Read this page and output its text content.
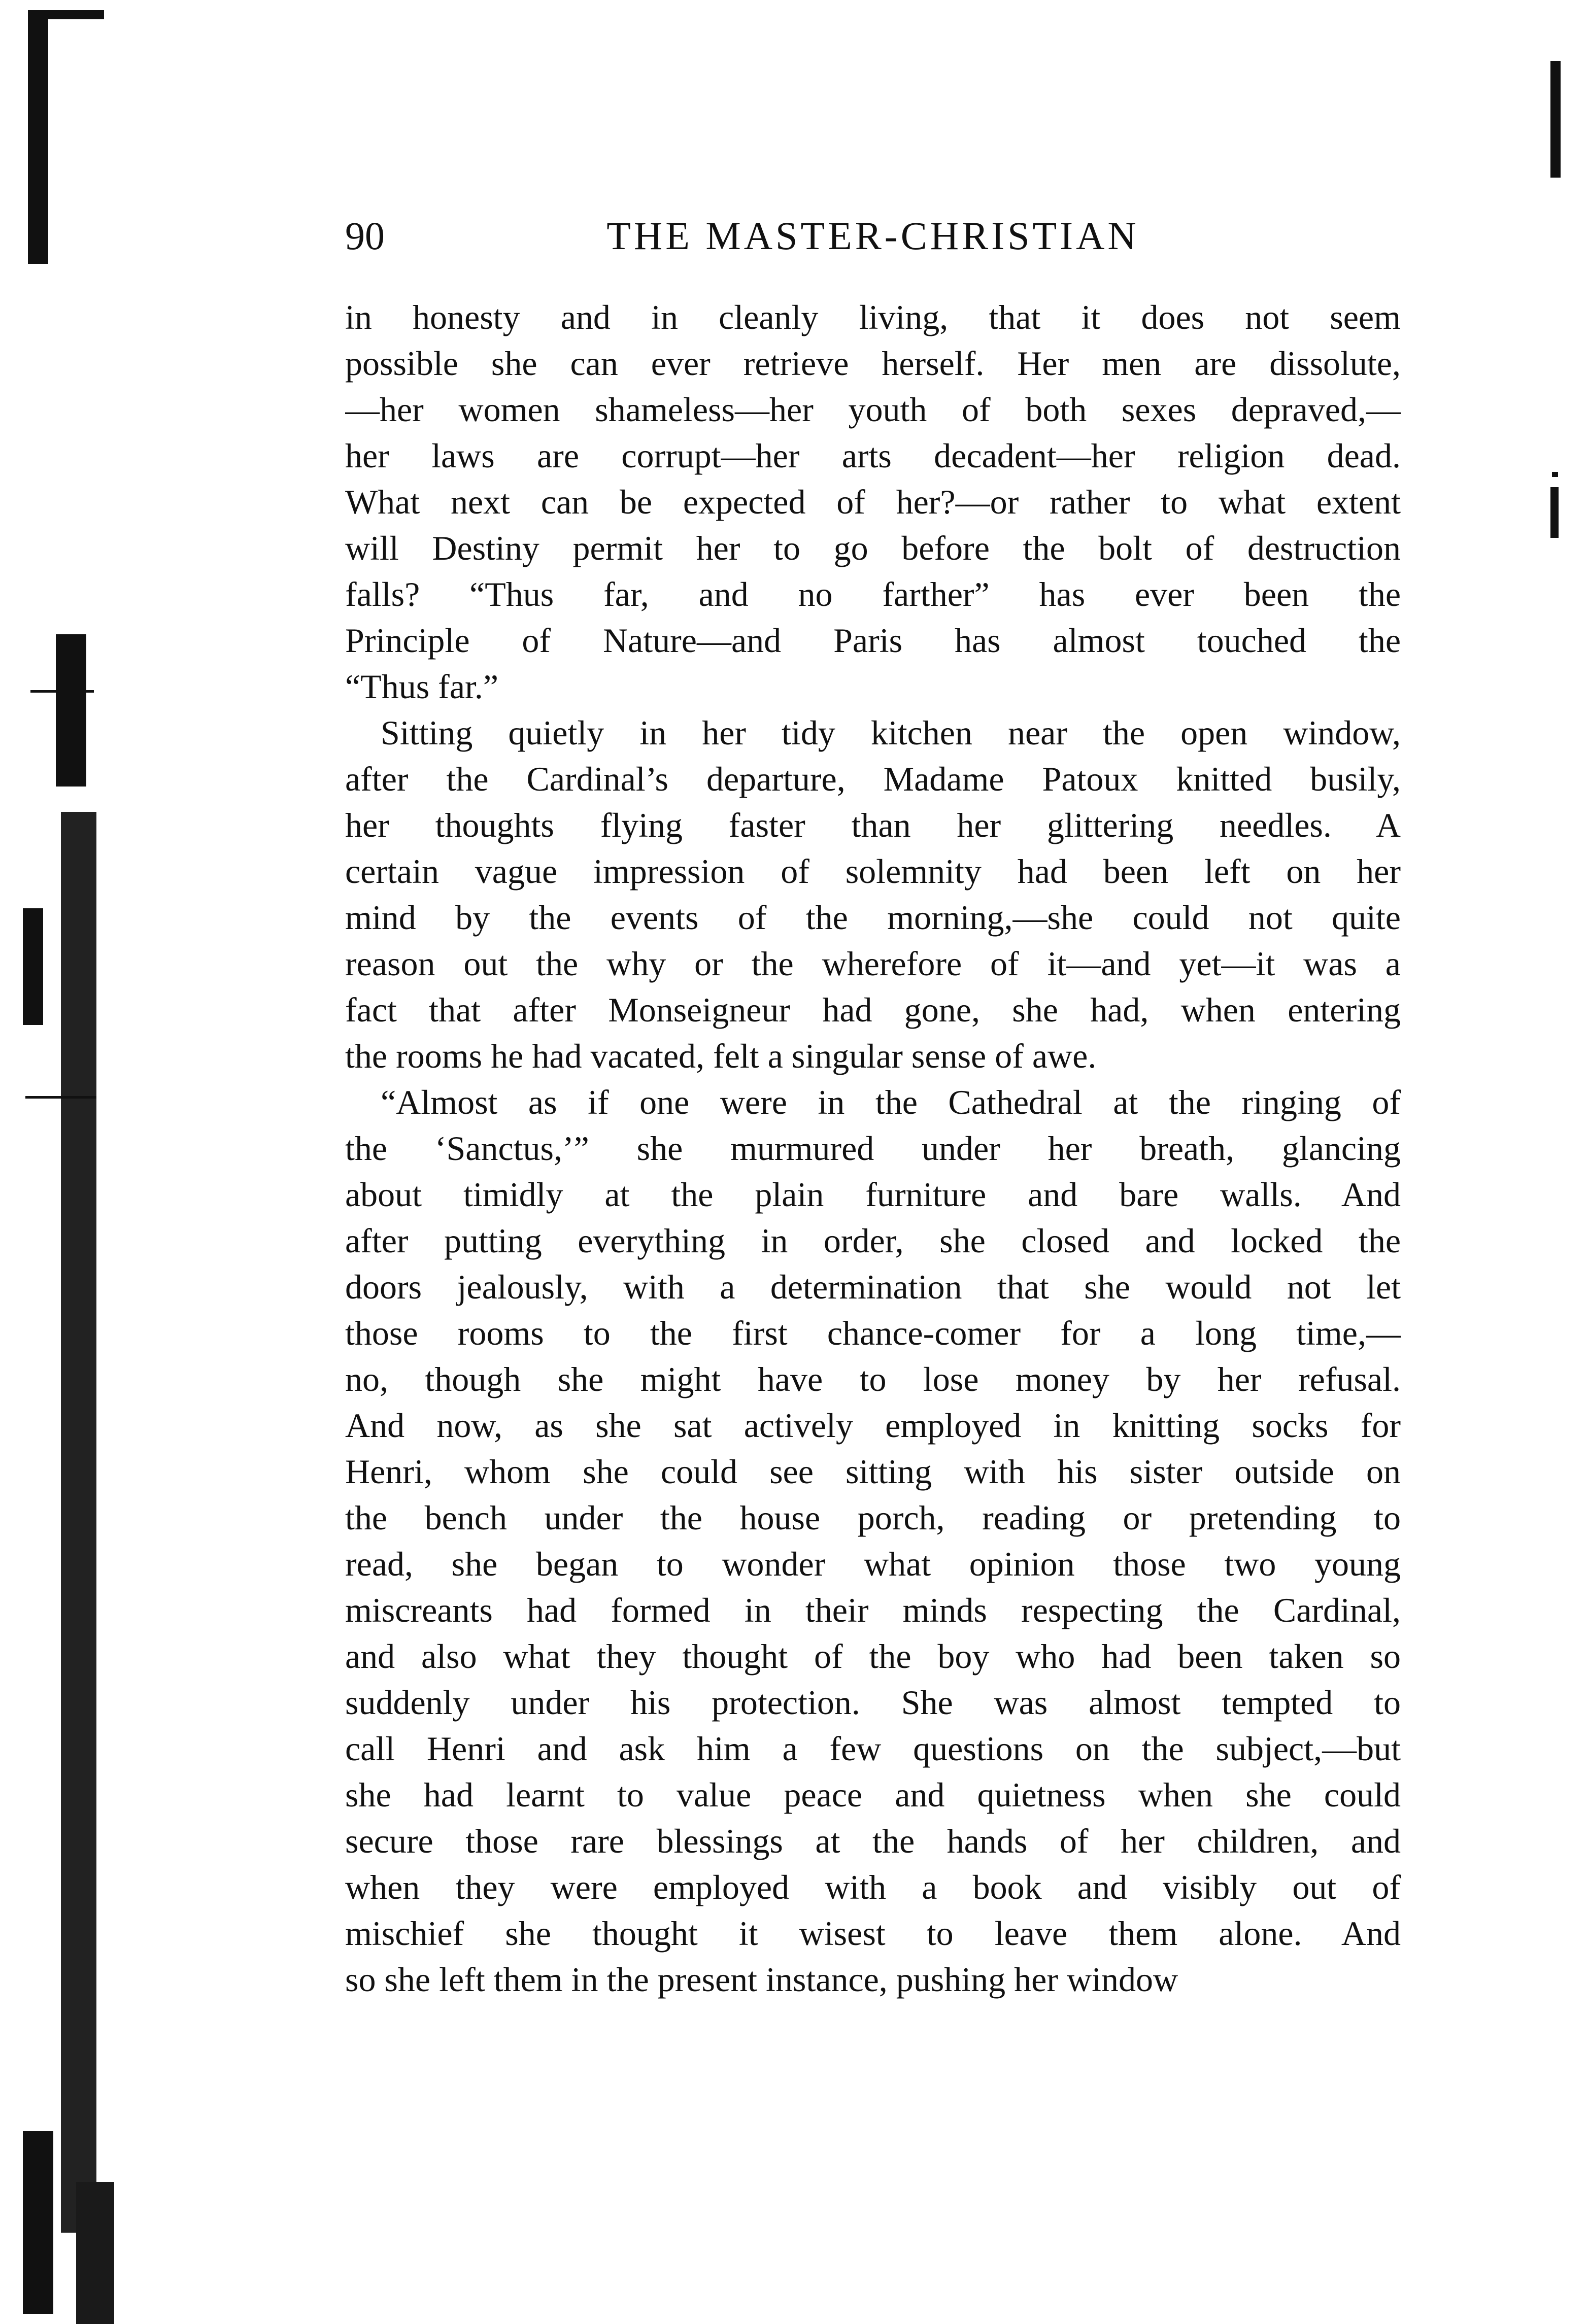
90	THE MASTER-CHRISTIAN

in honesty and in cleanly living, that it does not seem
possible she can ever retrieve herself. Her men are dissolute,
—her women shameless—her youth of both sexes depraved,—
her laws are corrupt—her arts decadent—her religion dead.
What next can be expected of her?—or rather to what extent
will Destiny permit her to go before the bolt of destruction
falls? “Thus far, and no farther” has ever been the
Principle of Nature—and Paris has almost touched the
“Thus far.”

Sitting quietly in her tidy kitchen near the open window,
after the Cardinal’s departure, Madame Patoux knitted busily,
her thoughts flying faster than her glittering needles. A
certain vague impression of solemnity had been left on her
mind by the events of the morning,—she could not quite
reason out the why or the wherefore of it—and yet—it was a
fact that after Monseigneur had gone, she had, when entering
the rooms he had vacated, felt a singular sense of awe.

“Almost as if one were in the Cathedral at the ringing of
the ‘Sanctus,’” she murmured under her breath, glancing
about timidly at the plain furniture and bare walls. And
after putting everything in order, she closed and locked the
doors jealously, with a determination that she would not let
those rooms to the first chance-comer for a long time,—
no, though she might have to lose money by her refusal.
And now, as she sat actively employed in knitting socks for
Henri, whom she could see sitting with his sister outside on
the bench under the house porch, reading or pretending to
read, she began to wonder what opinion those two young
miscreants had formed in their minds respecting the Cardinal,
and also what they thought of the boy who had been taken so
suddenly under his protection. She was almost tempted to
call Henri and ask him a few questions on the subject,—but
she had learnt to value peace and quietness when she could
secure those rare blessings at the hands of her children, and
when they were employed with a book and visibly out of
mischief she thought it wisest to leave them alone. And
so she left them in the present instance, pushing her window
